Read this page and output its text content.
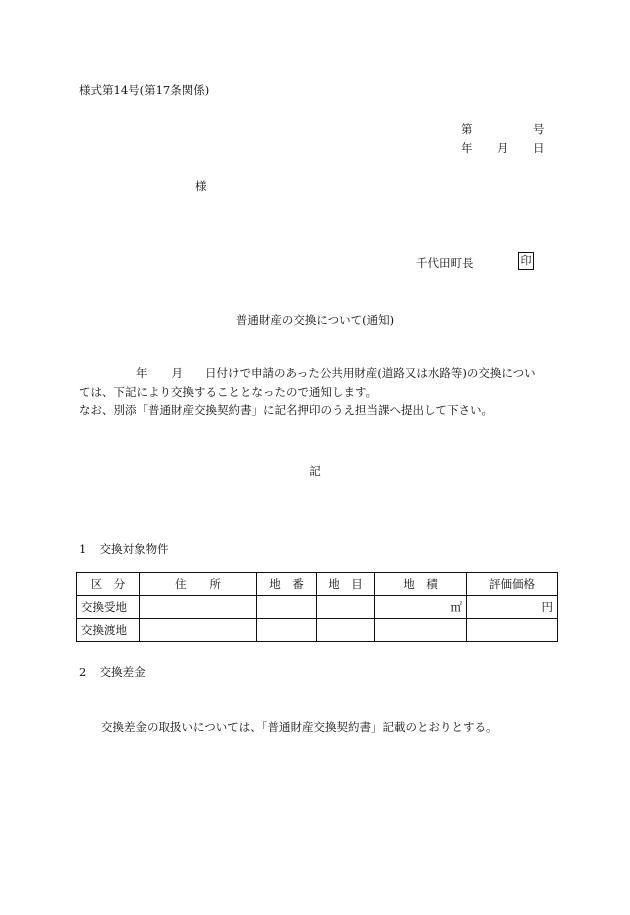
様式第14号(第17条関係)
第	号
年 月 日
様
千代田町長	印
普通財産の交換について(通知)

年 月 日付けで申請のあった公共用財産(道路又は水路等)の交換につい

ては、下記により交換することとなったので通知します。

なお、別添「普通財産交換契約書」に記名押印のうえ担当課へ提出して下さい。

記
1 交換対象物件
区　分	住　　所	地　番	地　目	地　積	評価価格
交換受地				㎡	円
交換渡地					
2 交換差金
交換差金の取扱いについては、「普通財産交換契約書」記載のとおりとする。
